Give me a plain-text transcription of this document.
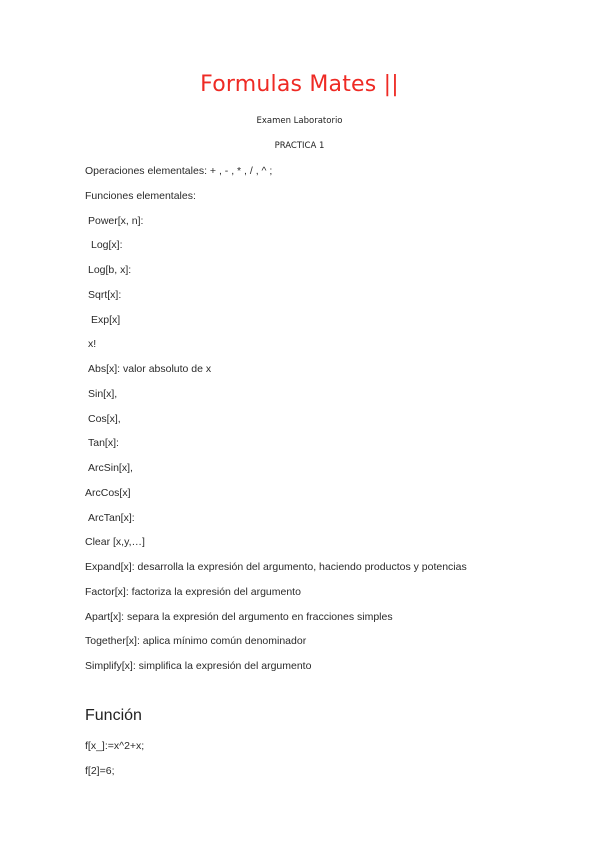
Formulas Mates ||
Examen Laboratorio
PRACTICA 1
Operaciones elementales: + , - , * , / , ^ ;
Funciones elementales:
Power[x, n]:
Log[x]:
Log[b, x]:
Sqrt[x]:
Exp[x]
x!
Abs[x]: valor absoluto de x
Sin[x],
Cos[x],
Tan[x]:
ArcSin[x],
ArcCos[x]
ArcTan[x]:
Clear [x,y,…]
Expand[x]: desarrolla la expresión del argumento, haciendo productos y potencias
Factor[x]: factoriza la expresión del argumento
Apart[x]: separa la expresión del argumento en fracciones simples
Together[x]: aplica mínimo común denominador
Simplify[x]: simplifica la expresión del argumento
Función
f[x_]:=x^2+x;
f[2]=6;
